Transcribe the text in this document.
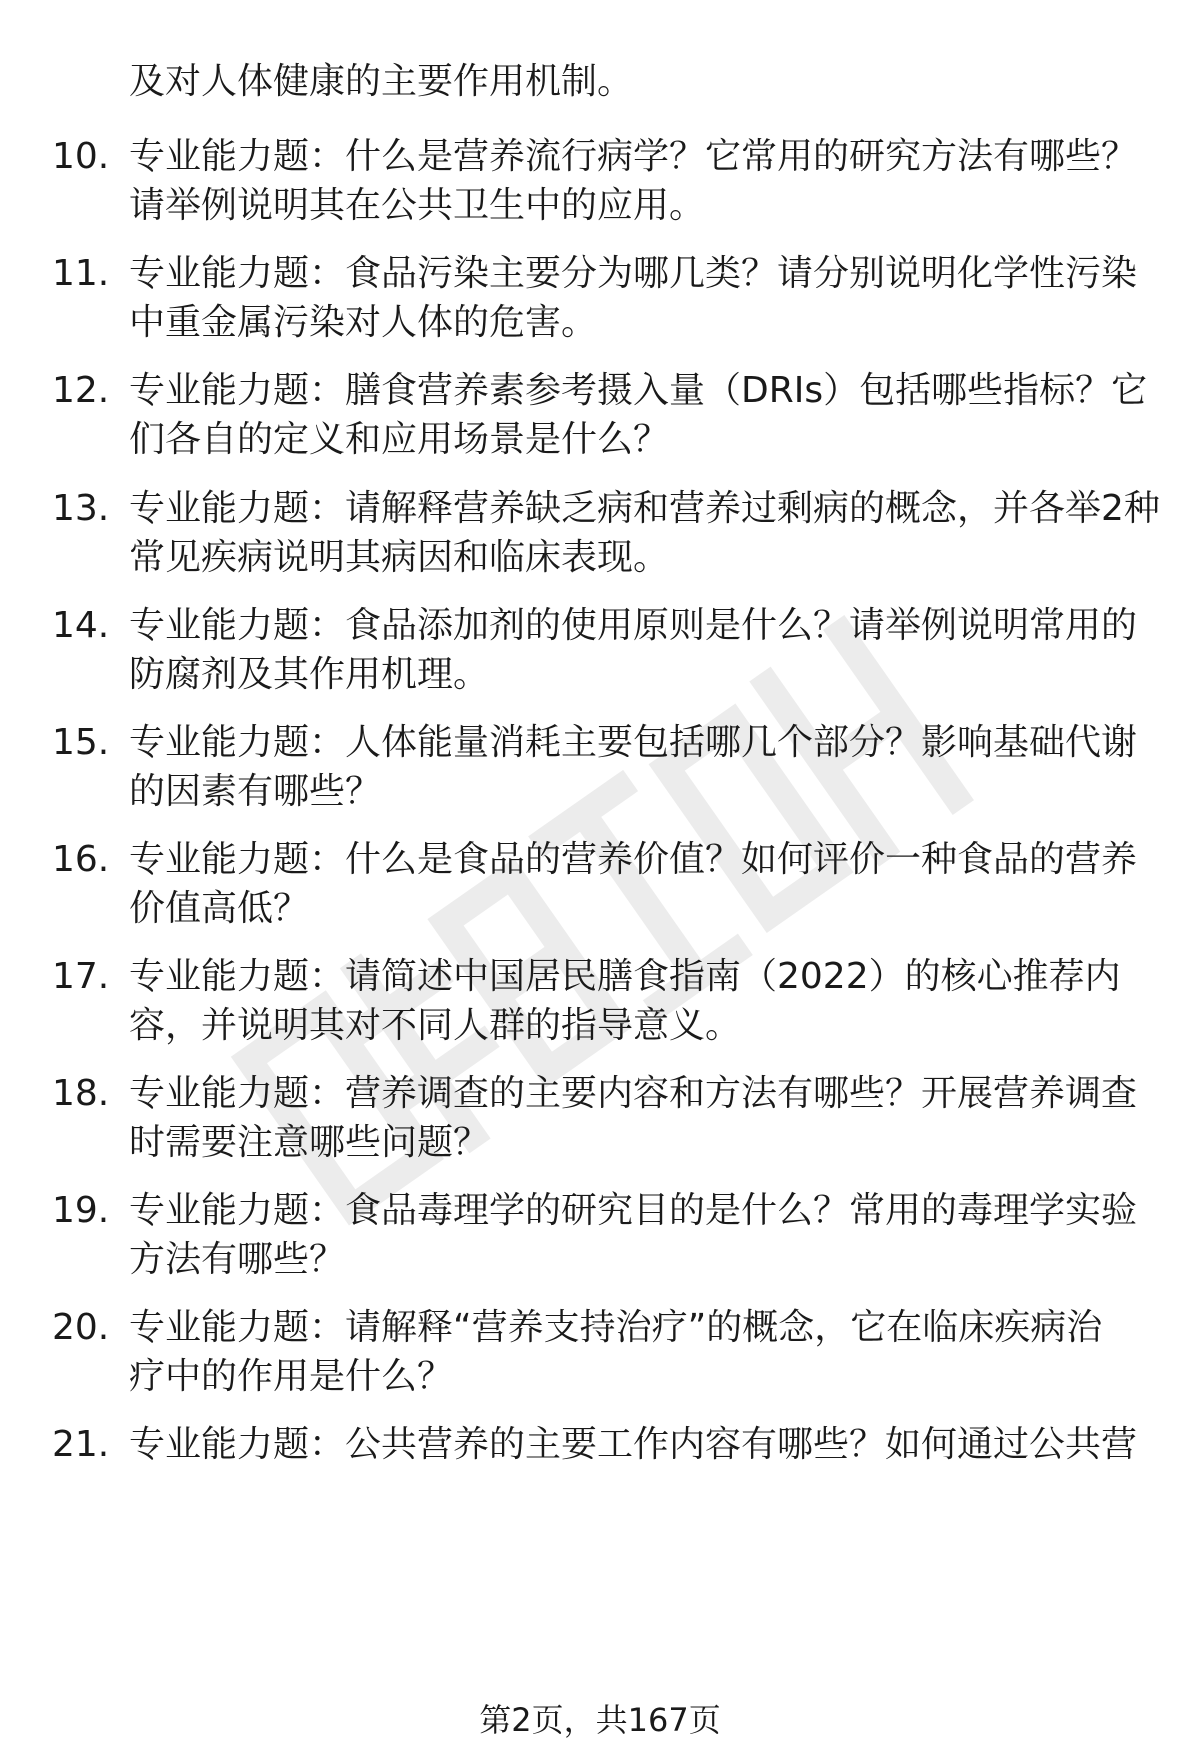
及对人体健康的主要作用机制。
10. 专业能力题：什么是营养流行病学？它常用的研究方法有哪些？
请举例说明其在公共卫生中的应用。
11. 专业能力题：食品污染主要分为哪几类？请分别说明化学性污染
中重金属污染对人体的危害。
12. 专业能力题：膳食营养素参考摄入量（DRIs）包括哪些指标？它
们各自的定义和应用场景是什么？
13. 专业能力题：请解释营养缺乏病和营养过剩病的概念，并各举2种
常见疾病说明其病因和临床表现。
14. 专业能力题：食品添加剂的使用原则是什么？请举例说明常用的
防腐剂及其作用机理。
15. 专业能力题：人体能量消耗主要包括哪几个部分？影响基础代谢
的因素有哪些？
16. 专业能力题：什么是食品的营养价值？如何评价一种食品的营养
价值高低？
17. 专业能力题：请简述中国居民膳食指南（2022）的核心推荐内
容，并说明其对不同人群的指导意义。
18. 专业能力题：营养调查的主要内容和方法有哪些？开展营养调查
时需要注意哪些问题？
19. 专业能力题：食品毒理学的研究目的是什么？常用的毒理学实验
方法有哪些？
20. 专业能力题：请解释“营养支持治疗”的概念，它在临床疾病治
疗中的作用是什么？
21. 专业能力题：公共营养的主要工作内容有哪些？如何通过公共营
第2页，共167页
